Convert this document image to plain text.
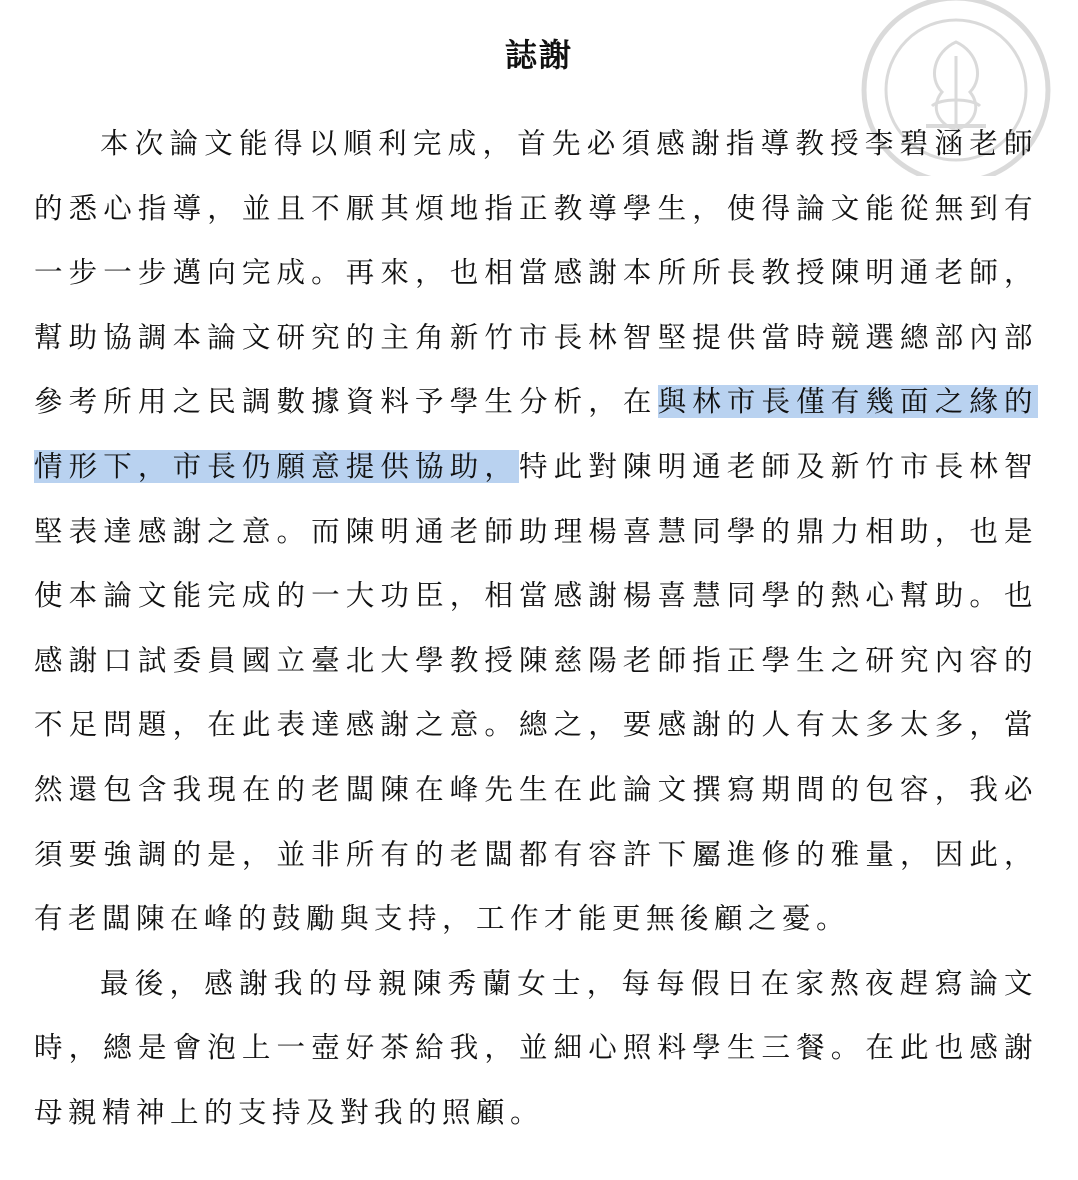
誌謝

本次論文能得以順利完成，首先必須感謝指導教授李碧涵老師的悉心指導，並且不厭其煩地指正教導學生，使得論文能從無到有一步一步邁向完成。再來，也相當感謝本所所長教授陳明通老師，幫助協調本論文研究的主角新竹市長林智堅提供當時競選總部內部參考所用之民調數據資料予學生分析，在與林市長僅有幾面之緣的情形下，市長仍願意提供協助，特此對陳明通老師及新竹市長林智堅表達感謝之意。而陳明通老師助理楊喜慧同學的鼎力相助，也是使本論文能完成的一大功臣，相當感謝楊喜慧同學的熱心幫助。也感謝口試委員國立臺北大學教授陳慈陽老師指正學生之研究內容的不足問題，在此表達感謝之意。總之，要感謝的人有太多太多，當然還包含我現在的老闆陳在峰先生在此論文撰寫期間的包容，我必須要強調的是，並非所有的老闆都有容許下屬進修的雅量，因此，有老闆陳在峰的鼓勵與支持，工作才能更無後顧之憂。

最後，感謝我的母親陳秀蘭女士，每每假日在家熬夜趕寫論文時，總是會泡上一壺好茶給我，並細心照料學生三餐。在此也感謝母親精神上的支持及對我的照顧。
